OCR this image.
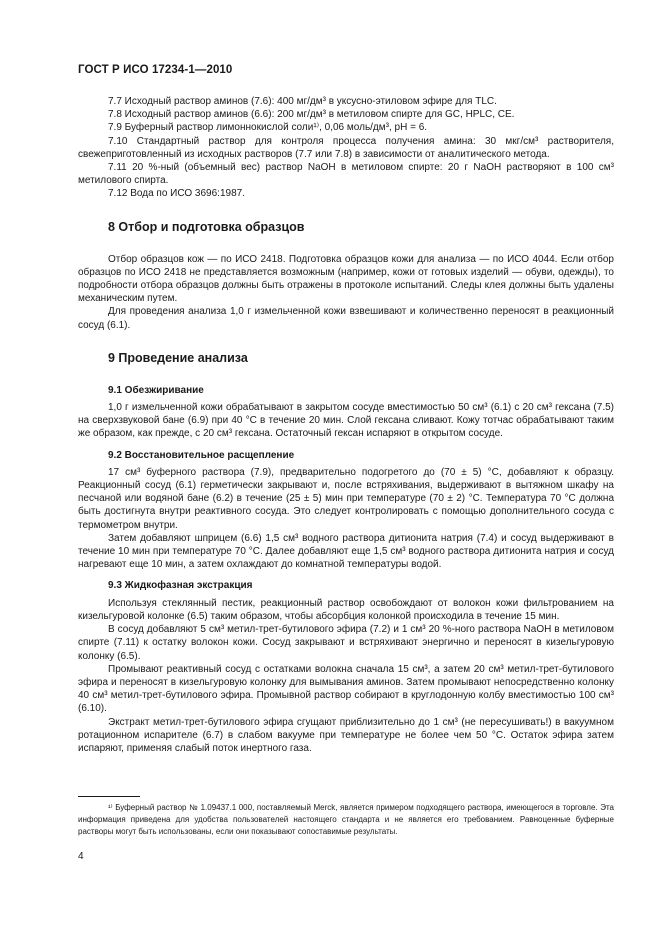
ГОСТ Р ИСО 17234-1—2010

7.7 Исходный раствор аминов (7.6): 400 мг/дм³ в уксусно-этиловом эфире для TLC.

7.8 Исходный раствор аминов (6.6): 200 мг/дм³ в метиловом спирте для GC, HPLC, CE.

7.9 Буферный раствор лимоннокислой соли¹⁾, 0,06 моль/дм³, pH = 6.

7.10 Стандартный раствор для контроля процесса получения амина: 30 мкг/см³ растворителя, свежеприготовленный из исходных растворов (7.7 или 7.8) в зависимости от аналитического метода.

7.11 20 %-ный (объемный вес) раствор NaOH в метиловом спирте: 20 г NaOH растворяют в 100 см³ метилового спирта.

7.12 Вода по ИСО 3696:1987.

8 Отбор и подготовка образцов

Отбор образцов кож — по ИСО 2418. Подготовка образцов кожи для анализа — по ИСО 4044. Если отбор образцов по ИСО 2418 не представляется возможным (например, кожи от готовых изделий — обуви, одежды), то подробности отбора образцов должны быть отражены в протоколе испытаний. Следы клея должны быть удалены механическим путем.

Для проведения анализа 1,0 г измельченной кожи взвешивают и количественно переносят в реакционный сосуд (6.1).

9 Проведение анализа
9.1 Обезжиривание

1,0 г измельченной кожи обрабатывают в закрытом сосуде вместимостью 50 см³ (6.1) с 20 см³ гексана (7.5) на сверхзвуковой бане (6.9) при 40 °С в течение 20 мин. Слой гексана сливают. Кожу тотчас обрабатывают таким же образом, как прежде, с 20 см³ гексана. Остаточный гексан испаряют в открытом сосуде.

9.2 Восстановительное расщепление

17 см³ буферного раствора (7.9), предварительно подогретого до (70 ± 5) °С, добавляют к образцу. Реакционный сосуд (6.1) герметически закрывают и, после встряхивания, выдерживают в вытяжном шкафу на песчаной или водяной бане (6.2) в течение (25 ± 5) мин при температуре (70 ± 2) °С. Температура 70 °С должна быть достигнута внутри реактивного сосуда. Это следует контролировать с помощью дополнительного сосуда с термометром внутри.

Затем добавляют шприцем (6.6) 1,5 см³ водного раствора дитионита натрия (7.4) и сосуд выдерживают в течение 10 мин при температуре 70 °С. Далее добавляют еще 1,5 см³ водного раствора дитионита натрия и сосуд нагревают еще 10 мин, а затем охлаждают до комнатной температуры водой.

9.3 Жидкофазная экстракция

Используя стеклянный пестик, реакционный раствор освобождают от волокон кожи фильтрованием на кизельгуровой колонке (6.5) таким образом, чтобы абсорбция колонкой происходила в течение 15 мин.

В сосуд добавляют 5 см³ метил-трет-бутилового эфира (7.2) и 1 см³ 20 %-ного раствора NaOH в метиловом спирте (7.11) к остатку волокон кожи. Сосуд закрывают и встряхивают энергично и переносят в кизельгуровую колонку (6.5).

Промывают реактивный сосуд с остатками волокна сначала 15 см³, а затем 20 см³ метил-трет-бутилового эфира и переносят в кизельгуровую колонку для вымывания аминов. Затем промывают непосредственно колонку 40 см³ метил-трет-бутилового эфира. Промывной раствор собирают в круглодонную колбу вместимостью 100 см³ (6.10).

Экстракт метил-трет-бутилового эфира сгущают приблизительно до 1 см³ (не пересушивать!) в вакуумном ротационном испарителе (6.7) в слабом вакууме при температуре не более чем 50 °С. Остаток эфира затем испаряют, применяя слабый поток инертного газа.

¹⁾ Буферный раствор № 1.09437.1 000, поставляемый Merck, является примером подходящего раствора, имеющегося в торговле. Эта информация приведена для удобства пользователей настоящего стандарта и не является его требованием. Равноценные буферные растворы могут быть использованы, если они показывают сопоставимые результаты.

4
